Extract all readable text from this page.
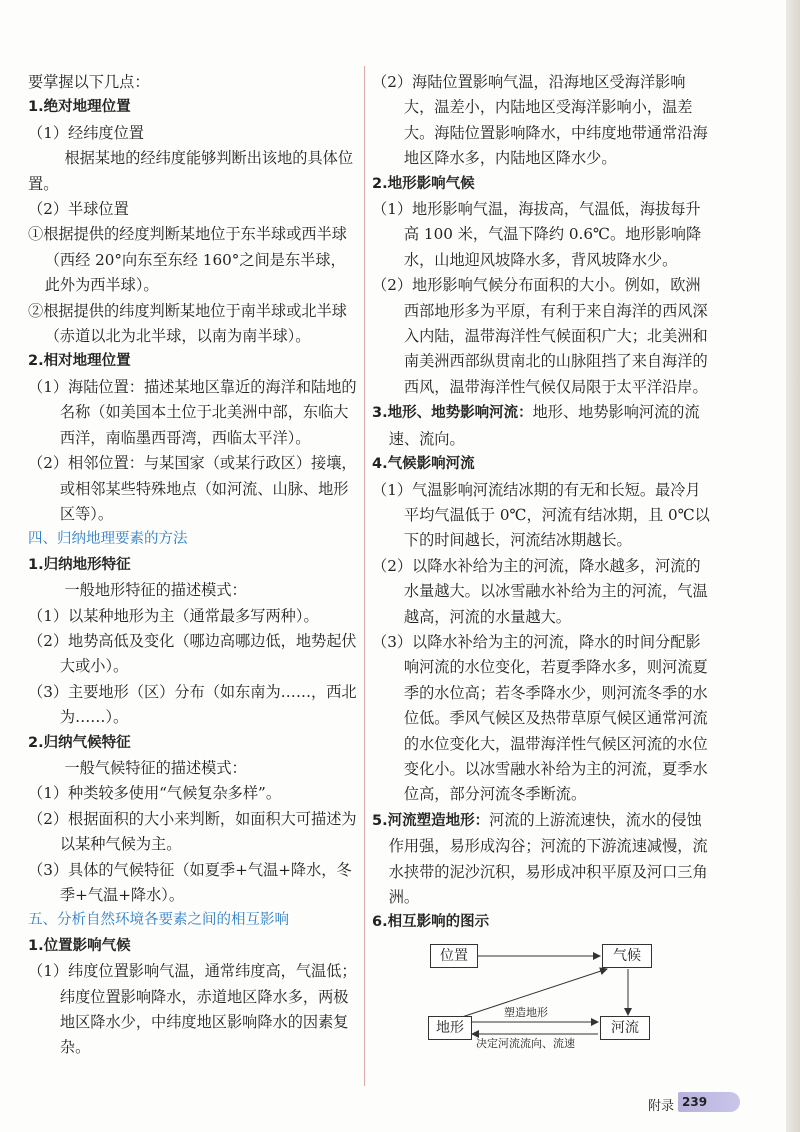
要掌握以下几点：

1.绝对地理位置

（1）经纬度位置

根据某地的经纬度能够判断出该地的具体位置。

（2）半球位置

①根据提供的经度判断某地位于东半球或西半球（西经 20°向东至东经 160°之间是东半球，此外为西半球）。

②根据提供的纬度判断某地位于南半球或北半球（赤道以北为北半球，以南为南半球）。

2.相对地理位置

（1）海陆位置：描述某地区靠近的海洋和陆地的名称（如美国本土位于北美洲中部，东临大西洋，南临墨西哥湾，西临太平洋）。

（2）相邻位置：与某国家（或某行政区）接壤，或相邻某些特殊地点（如河流、山脉、地形区等）。

四、归纳地理要素的方法

1.归纳地形特征

一般地形特征的描述模式：

（1）以某种地形为主（通常最多写两种）。

（2）地势高低及变化（哪边高哪边低，地势起伏大或小）。

（3）主要地形（区）分布（如东南为……，西北为……）。

2.归纳气候特征

一般气候特征的描述模式：

（1）种类较多使用“气候复杂多样”。

（2）根据面积的大小来判断，如面积大可描述为以某种气候为主。

（3）具体的气候特征（如夏季+气温+降水，冬季+气温+降水）。

五、分析自然环境各要素之间的相互影响

1.位置影响气候

（1）纬度位置影响气温，通常纬度高，气温低；纬度位置影响降水，赤道地区降水多，两极地区降水少，中纬度地区影响降水的因素复杂。

（2）海陆位置影响气温，沿海地区受海洋影响大，温差小，内陆地区受海洋影响小，温差大。海陆位置影响降水，中纬度地带通常沿海地区降水多，内陆地区降水少。

2.地形影响气候

（1）地形影响气温，海拔高，气温低，海拔每升高 100 米，气温下降约 0.6℃。地形影响降水，山地迎风坡降水多，背风坡降水少。

（2）地形影响气候分布面积的大小。例如，欧洲西部地形多为平原，有利于来自海洋的西风深入内陆，温带海洋性气候面积广大；北美洲和南美洲西部纵贯南北的山脉阻挡了来自海洋的西风，温带海洋性气候仅局限于太平洋沿岸。

3.地形、地势影响河流：地形、地势影响河流的流速、流向。

4.气候影响河流

（1）气温影响河流结冰期的有无和长短。最冷月平均气温低于 0℃，河流有结冰期，且 0℃以下的时间越长，河流结冰期越长。

（2）以降水补给为主的河流，降水越多，河流的水量越大。以冰雪融水补给为主的河流，气温越高，河流的水量越大。

（3）以降水补给为主的河流，降水的时间分配影响河流的水位变化，若夏季降水多，则河流夏季的水位高；若冬季降水少，则河流冬季的水位低。季风气候区及热带草原气候区通常河流的水位变化大，温带海洋性气候区河流的水位变化小。以冰雪融水补给为主的河流，夏季水位高，部分河流冬季断流。

5.河流塑造地形：河流的上游流速快，流水的侵蚀作用强，易形成沟谷；河流的下游流速减慢，流水挟带的泥沙沉积，易形成冲积平原及河口三角洲。

6.相互影响的图示

位置	气候
地形	河流
塑造地形
决定河流流向、流速
附录 239
